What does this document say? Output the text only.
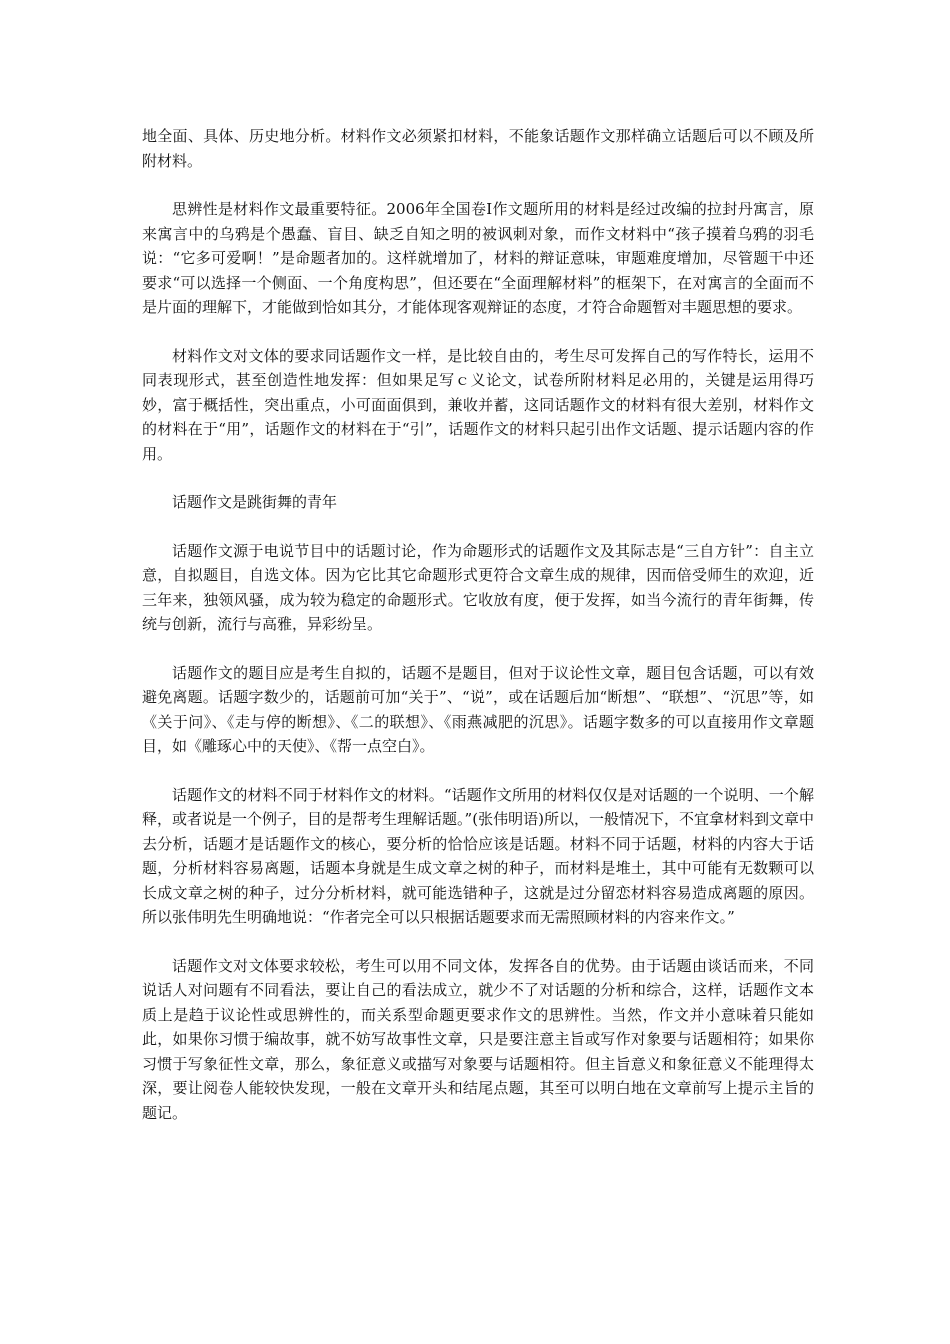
地全面、具体、历史地分析。材料作文必须紧扣材料，不能象话题作文那样确立话题后可以不顾及所附材料。

思辨性是材料作文最重要特征。2006年全国卷Ⅰ作文题所用的材料是经过改编的拉封丹寓言，原来寓言中的乌鸦是个愚蠢、盲目、缺乏自知之明的被讽刺对象，而作文材料中“孩子摸着乌鸦的羽毛说：“它多可爱啊！”是命题者加的。这样就增加了，材料的辩证意味，审题难度增加，尽管题干中还要求“可以选择一个侧面、一个角度构思”，但还要在“全面理解材料”的框架下，在对寓言的全面而不是片面的理解下，才能做到恰如其分，才能体现客观辩证的态度，才符合命题暂对丰题思想的要求。

材料作文对文体的要求同话题作文一样，是比较自由的，考生尽可发挥自己的写作特长，运用不同表现形式，甚至创造性地发挥：但如果足写ｃ义论文，试卷所附材料足必用的，关键是运用得巧妙，富于概括性，突出重点，小可面面俱到，兼收并蓄，这同话题作文的材料有很大差别，材料作文的材料在于“用”，话题作文的材料在于“引”，话题作文的材料只起引出作文话题、提示话题内容的作用。

话题作文是跳街舞的青年

话题作文源于电说节目中的话题讨论，作为命题形式的话题作文及其际志是“三自方针”：自主立意，自拟题目，自选文体。因为它比其它命题形式更符合文章生成的规律，因而倍受师生的欢迎，近三年来，独领风骚，成为较为稳定的命题形式。它收放有度，便于发挥，如当今流行的青年街舞，传统与创新，流行与高雅，异彩纷呈。

话题作文的题目应是考生自拟的，话题不是题目，但对于议论性文章，题目包含话题，可以有效避免离题。话题字数少的，话题前可加“关于”、“说”，或在话题后加“断想”、“联想”、“沉思”等，如《关于问》、《走与停的断想》、《二的联想》、《雨燕减肥的沉思》。话题字数多的可以直接用作文章题目，如《雕琢心中的天使》、《帮一点空白》。

话题作文的材料不同于材料作文的材料。“话题作文所用的材料仅仅是对话题的一个说明、一个解释，或者说是一个例子，目的是帮考生理解话题。”(张伟明语)所以，一般情况下，不宜拿材料到文章中去分析，话题才是话题作文的核心，要分析的恰恰应该是话题。材料不同于话题，材料的内容大于话题，分析材料容易离题，话题本身就是生成文章之树的种子，而材料是堆土，其中可能有无数颗可以长成文章之树的种子，过分分析材料，就可能选错种子，这就是过分留恋材料容易造成离题的原因。所以张伟明先生明确地说：“作者完全可以只根据话题要求而无需照顾材料的内容来作文。”

话题作文对文体要求较松，考生可以用不同文体，发挥各自的优势。由于话题由谈话而来，不同说话人对问题有不同看法，要让自己的看法成立，就少不了对话题的分析和综合，这样，话题作文本质上是趋于议论性或思辨性的，而关系型命题更要求作文的思辨性。当然，作文并小意味着只能如此，如果你习惯于编故事，就不妨写故事性文章，只是要注意主旨或写作对象要与话题相符；如果你习惯于写象征性文章，那么，象征意义或描写对象要与话题相符。但主旨意义和象征意义不能理得太深，要让阅卷人能较快发现，一般在文章开头和结尾点题，其至可以明白地在文章前写上提示主旨的题记。
